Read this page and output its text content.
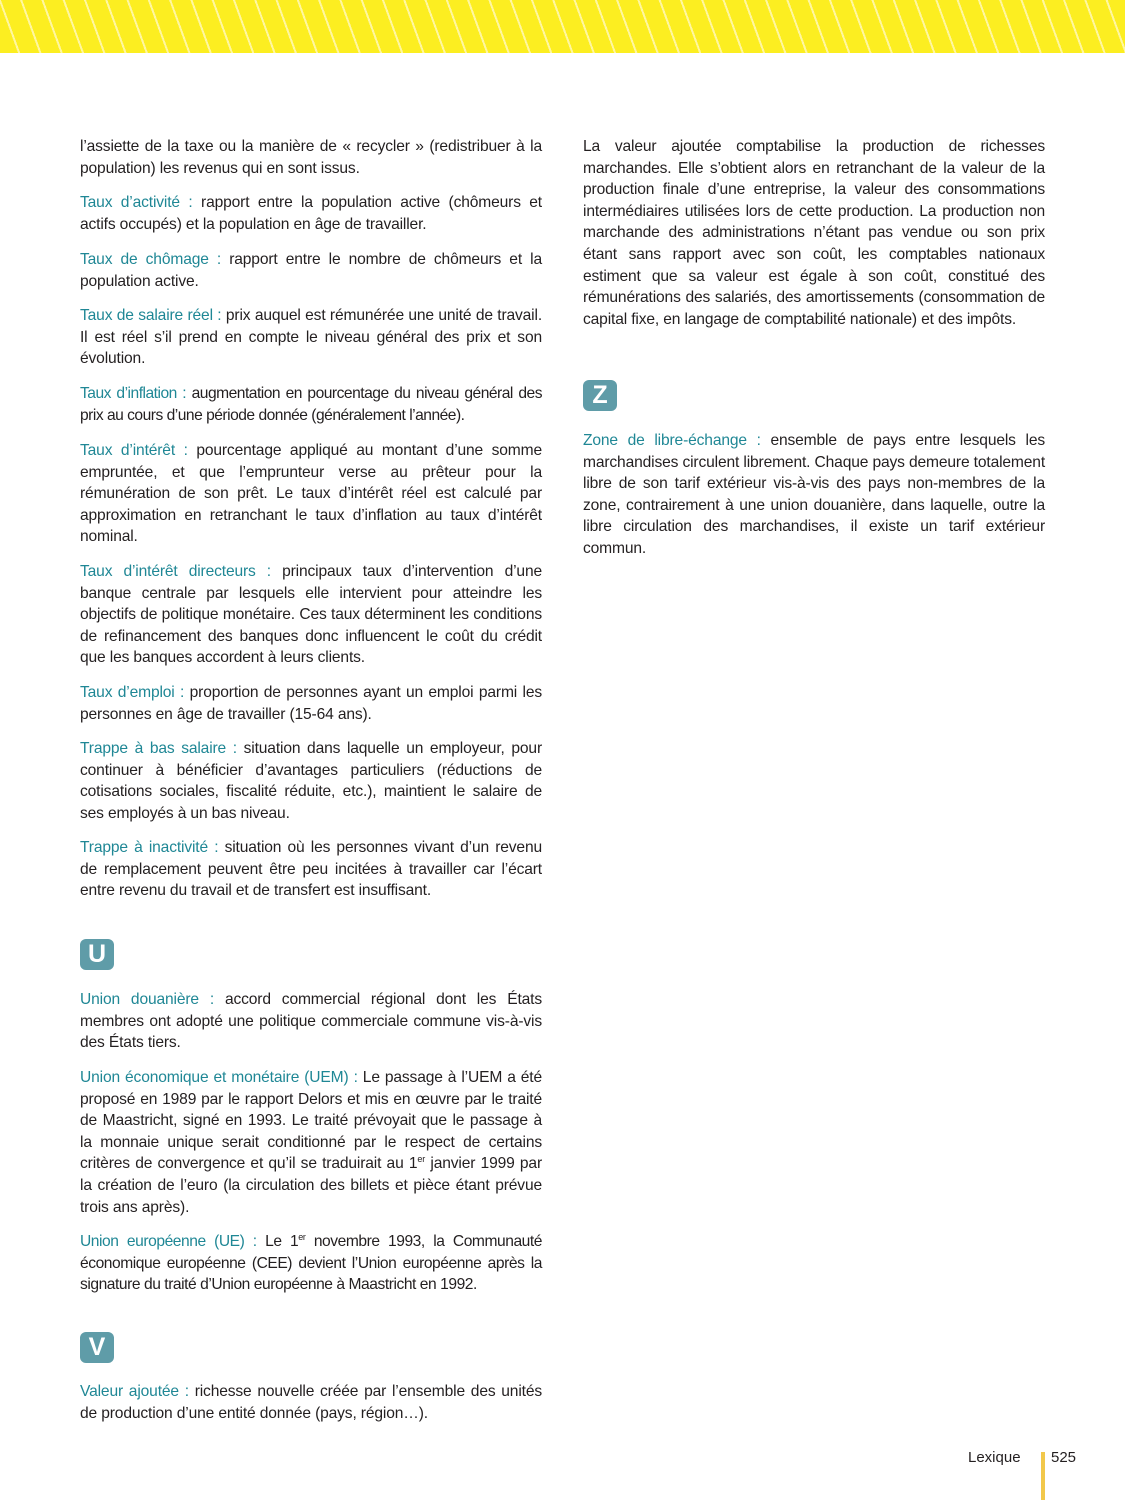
l’assiette de la taxe ou la manière de « recycler » (redistribuer à la population) les revenus qui en sont issus.

Taux d’activité : rapport entre la population active (chômeurs et actifs occupés) et la population en âge de travailler.

Taux de chômage : rapport entre le nombre de chômeurs et la population active.

Taux de salaire réel : prix auquel est rémunérée une unité de travail. Il est réel s’il prend en compte le niveau général des prix et son évolution.

Taux d’inflation : augmentation en pourcentage du niveau général des prix au cours d’une période donnée (généralement l’année).

Taux d’intérêt : pourcentage appliqué au montant d’une somme empruntée, et que l’emprunteur verse au prêteur pour la rémunération de son prêt. Le taux d’intérêt réel est calculé par approximation en retranchant le taux d’inflation au taux d’intérêt nominal.

Taux d’intérêt directeurs : principaux taux d’intervention d’une banque centrale par lesquels elle intervient pour atteindre les objectifs de politique monétaire. Ces taux déterminent les conditions de refinancement des banques donc influencent le coût du crédit que les banques accordent à leurs clients.

Taux d’emploi : proportion de personnes ayant un emploi parmi les personnes en âge de travailler (15-64 ans).

Trappe à bas salaire : situation dans laquelle un employeur, pour continuer à bénéficier d’avantages particuliers (réductions de cotisations sociales, fiscalité réduite, etc.), maintient le salaire de ses employés à un bas niveau.

Trappe à inactivité : situation où les personnes vivant d’un revenu de remplacement peuvent être peu incitées à travailler car l’écart entre revenu du travail et de transfert est insuffisant.

U

Union douanière : accord commercial régional dont les États membres ont adopté une politique commerciale commune vis-à-vis des États tiers.

Union économique et monétaire (UEM) : Le passage à l’UEM a été proposé en 1989 par le rapport Delors et mis en œuvre par le traité de Maastricht, signé en 1993. Le traité prévoyait que le passage à la monnaie unique serait conditionné par le respect de certains critères de convergence et qu’il se traduirait au 1er janvier 1999 par la création de l’euro (la circulation des billets et pièce étant prévue trois ans après).

Union européenne (UE) : Le 1er novembre 1993, la Communauté économique européenne (CEE) devient l’Union européenne après la signature du traité d’Union européenne à Maastricht en 1992.

V

Valeur ajoutée : richesse nouvelle créée par l’ensemble des unités de production d’une entité donnée (pays, région…).

La valeur ajoutée comptabilise la production de richesses marchandes. Elle s’obtient alors en retranchant de la valeur de la production finale d’une entreprise, la valeur des consommations intermédiaires utilisées lors de cette production. La production non marchande des administrations n’étant pas vendue ou son prix étant sans rapport avec son coût, les comptables nationaux estiment que sa valeur est égale à son coût, constitué des rémunérations des salariés, des amortissements (consommation de capital fixe, en langage de comptabilité nationale) et des impôts.

Z

Zone de libre-échange : ensemble de pays entre lesquels les marchandises circulent librement. Chaque pays demeure totalement libre de son tarif extérieur vis-à-vis des pays non-membres de la zone, contrairement à une union douanière, dans laquelle, outre la libre circulation des marchandises, il existe un tarif extérieur commun.

Lexique 525
